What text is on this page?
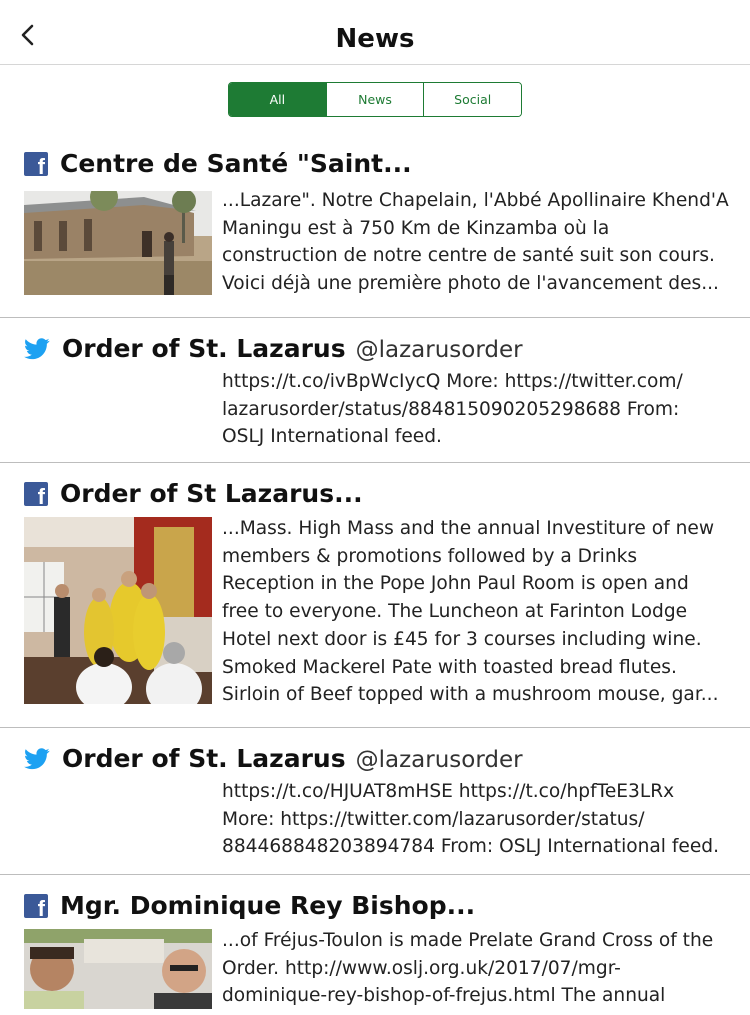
News
All	News	Social
f Centre de Santé "Saint...
...Lazare". Notre Chapelain, l'Abbé Apollinaire Khend'A
Maningu est à 750 Km de Kinzamba où la
construction de notre centre de santé suit son cours.
Voici déjà une première photo de l'avancement des...
Order of St. Lazarus @lazarusorder
https://t.co/ivBpWcIycQ More: https://twitter.com/
lazarusorder/status/884815090205298688 From:
OSLJ International feed.
f Order of St Lazarus...
...Mass. High Mass and the annual Investiture of new
members & promotions followed by a Drinks
Reception in the Pope John Paul Room is open and
free to everyone. The Luncheon at Farinton Lodge
Hotel next door is £45 for 3 courses including wine.
Smoked Mackerel Pate with toasted bread flutes.
Sirloin of Beef topped with a mushroom mouse, gar...
Order of St. Lazarus @lazarusorder
https://t.co/HJUAT8mHSE https://t.co/hpfTeE3LRx
More: https://twitter.com/lazarusorder/status/
884468848203894784 From: OSLJ International feed.
f Mgr. Dominique Rey Bishop...
...of Fréjus-Toulon is made Prelate Grand Cross of the
Order. http://www.oslj.org.uk/2017/07/mgr-
dominique-rey-bishop-of-frejus.html The annual
